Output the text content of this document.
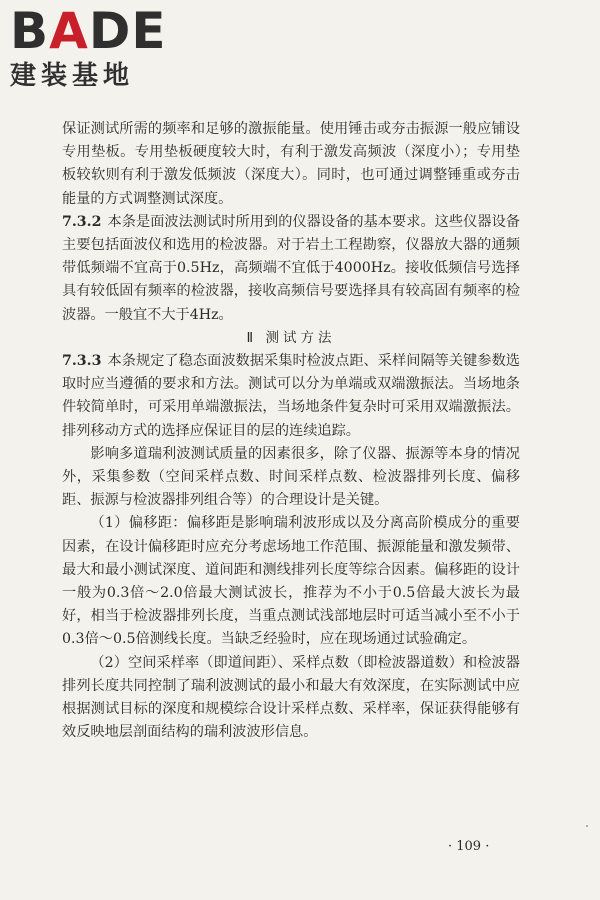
BADE
建装基地

保证测试所需的频率和足够的激振能量。使用锤击或夯击振源一般应铺设专用垫板。专用垫板硬度较大时，有利于激发高频波（深度小）；专用垫板较软则有利于激发低频波（深度大）。同时，也可通过调整锤重或夯击能量的方式调整测试深度。

7.3.2 本条是面波法测试时所用到的仪器设备的基本要求。这些仪器设备主要包括面波仪和选用的检波器。对于岩土工程勘察，仪器放大器的通频带低频端不宜高于0.5Hz，高频端不宜低于4000Hz。接收低频信号选择具有较低固有频率的检波器，接收高频信号要选择具有较高固有频率的检波器。一般宜不大于4Hz。

Ⅱ 测试方法

7.3.3 本条规定了稳态面波数据采集时检波点距、采样间隔等关键参数选取时应当遵循的要求和方法。测试可以分为单端或双端激振法。当场地条件较简单时，可采用单端激振法，当场地条件复杂时可采用双端激振法。排列移动方式的选择应保证目的层的连续追踪。

影响多道瑞利波测试质量的因素很多，除了仪器、振源等本身的情况外，采集参数（空间采样点数、时间采样点数、检波器排列长度、偏移距、振源与检波器排列组合等）的合理设计是关键。

（1）偏移距：偏移距是影响瑞利波形成以及分离高阶模成分的重要因素，在设计偏移距时应充分考虑场地工作范围、振源能量和激发频带、最大和最小测试深度、道间距和测线排列长度等综合因素。偏移距的设计一般为0.3倍～2.0倍最大测试波长，推荐为不小于0.5倍最大波长为最好，相当于检波器排列长度，当重点测试浅部地层时可适当减小至不小于0.3倍～0.5倍测线长度。当缺乏经验时，应在现场通过试验确定。

（2）空间采样率（即道间距）、采样点数（即检波器道数）和检波器排列长度共同控制了瑞利波测试的最小和最大有效深度，在实际测试中应根据测试目标的深度和规模综合设计采样点数、采样率，保证获得能够有效反映地层剖面结构的瑞利波波形信息。

· 109 ·
